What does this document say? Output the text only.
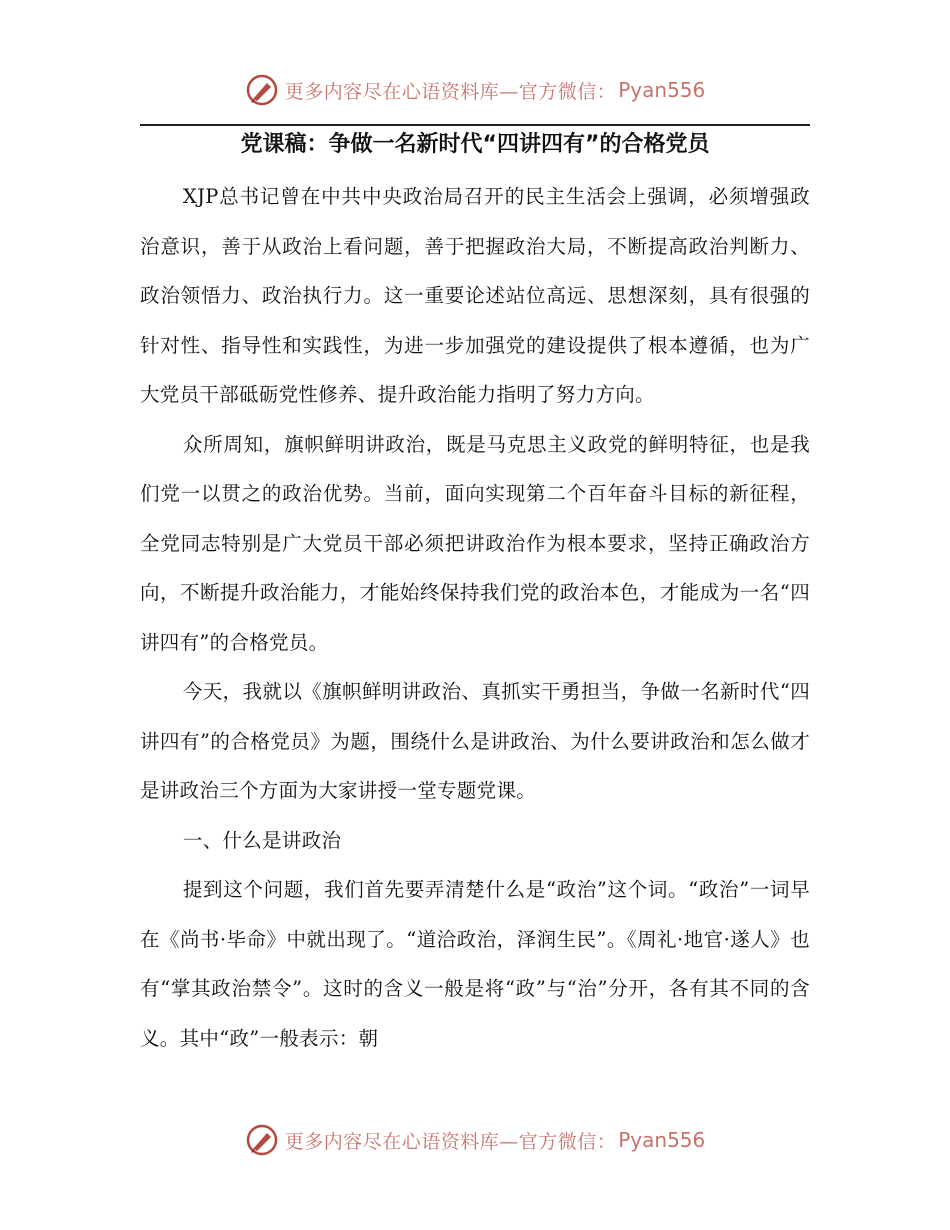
更多内容尽在心语资料库—官方微信： Pyan556
党课稿：争做一名新时代“四讲四有”的合格党员

XJP总书记曾在中共中央政治局召开的民主生活会上强调，必须增强政治意识，善于从政治上看问题，善于把握政治大局，不断提高政治判断力、政治领悟力、政治执行力。这一重要论述站位高远、思想深刻，具有很强的针对性、指导性和实践性，为进一步加强党的建设提供了根本遵循，也为广大党员干部砥砺党性修养、提升政治能力指明了努力方向。

众所周知，旗帜鲜明讲政治，既是马克思主义政党的鲜明特征，也是我们党一以贯之的政治优势。当前，面向实现第二个百年奋斗目标的新征程，全党同志特别是广大党员干部必须把讲政治作为根本要求，坚持正确政治方向，不断提升政治能力，才能始终保持我们党的政治本色，才能成为一名“四讲四有”的合格党员。

今天，我就以《旗帜鲜明讲政治、真抓实干勇担当，争做一名新时代“四讲四有”的合格党员》为题，围绕什么是讲政治、为什么要讲政治和怎么做才是讲政治三个方面为大家讲授一堂专题党课。

一、什么是讲政治

提到这个问题，我们首先要弄清楚什么是“政治”这个词。“政治”一词早在《尚书·毕命》中就出现了。“道洽政治，泽润生民”。《周礼·地官·遂人》也有“掌其政治禁令”。这时的含义一般是将“政”与“治”分开，各有其不同的含义。其中“政”一般表示：朝

更多内容尽在心语资料库—官方微信： Pyan556
